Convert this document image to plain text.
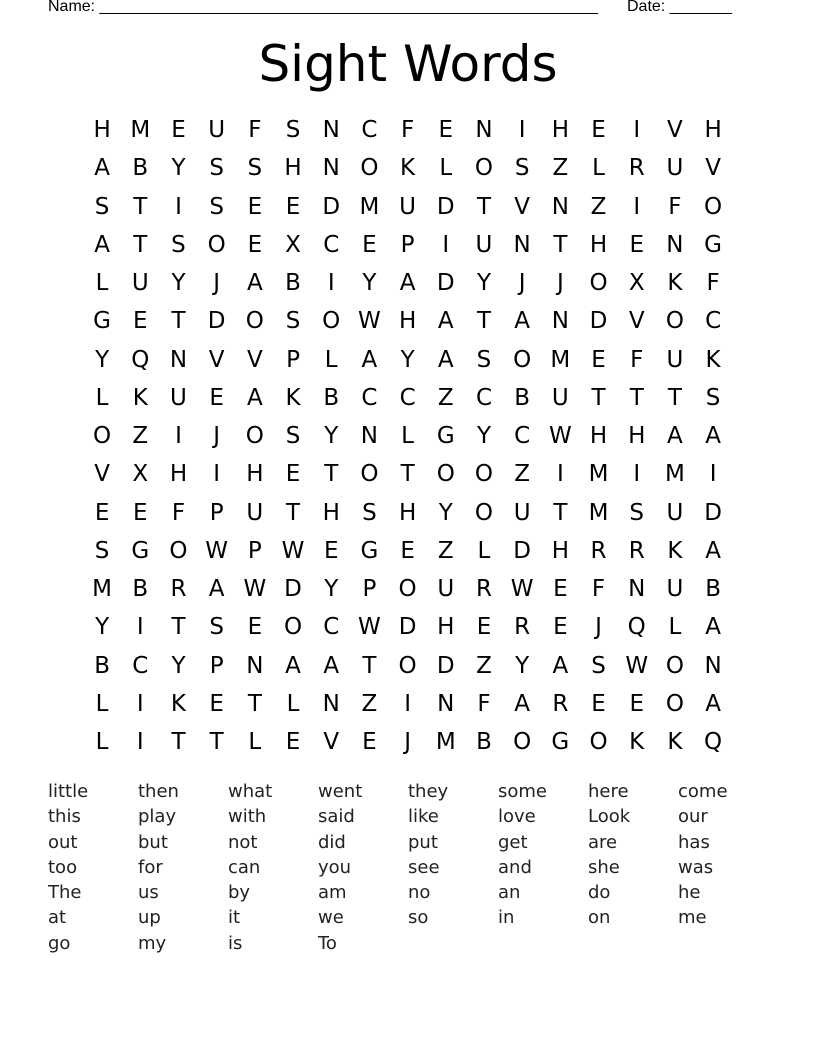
Name: ________________________________________________________ Date: _______
Sight Words
H M E U	F	S N C	F	E N	I	H E	I	V H
A B	Y	S	S H N O K	L O S	Z	L	R U V
S	T	I	S	E	E D M U D T	V N Z	I	F O
A	T	S O E	X C E	P	I	U N T H E N G
L	U Y	J	A B	I	Y	A D Y	J	J	O X K	F
G E	T D O S O W H A	T	A N D V O C
Y Q N V V	P	L	A	Y	A	S O M E	F	U K
L	K U E	A K B C C Z C B U T	T	T	S
O Z	I	J	O S	Y N	L G Y	C W H H A A
V X H	I	H E	T O T O O Z	I	M	I	M	I
E	E	F	P U T H S H Y O U T M S U D
S G O W P W E G E	Z	L D H R R K A
M B R A W D Y	P O U R W E	F N U B
Y	I	T	S	E O C W D H E R E	J	Q L	A
B C	Y	P N A A	T O D Z	Y	A	S W O N
L	I	K	E	T	L	N Z	I	N F	A R E	E O A
L	I	T	T	L	E	V	E	J	M B O G O K	K Q
little	then	what	went	they	some	here	come
this	play	with	said	like	love	Look	our
out	but	not	did	put	get	are	has
too	for	can	you	see	and	she	was
The	us	by	am	no	an	do	he
at	up	it	we	so	in	on	me
go	my	is	To
